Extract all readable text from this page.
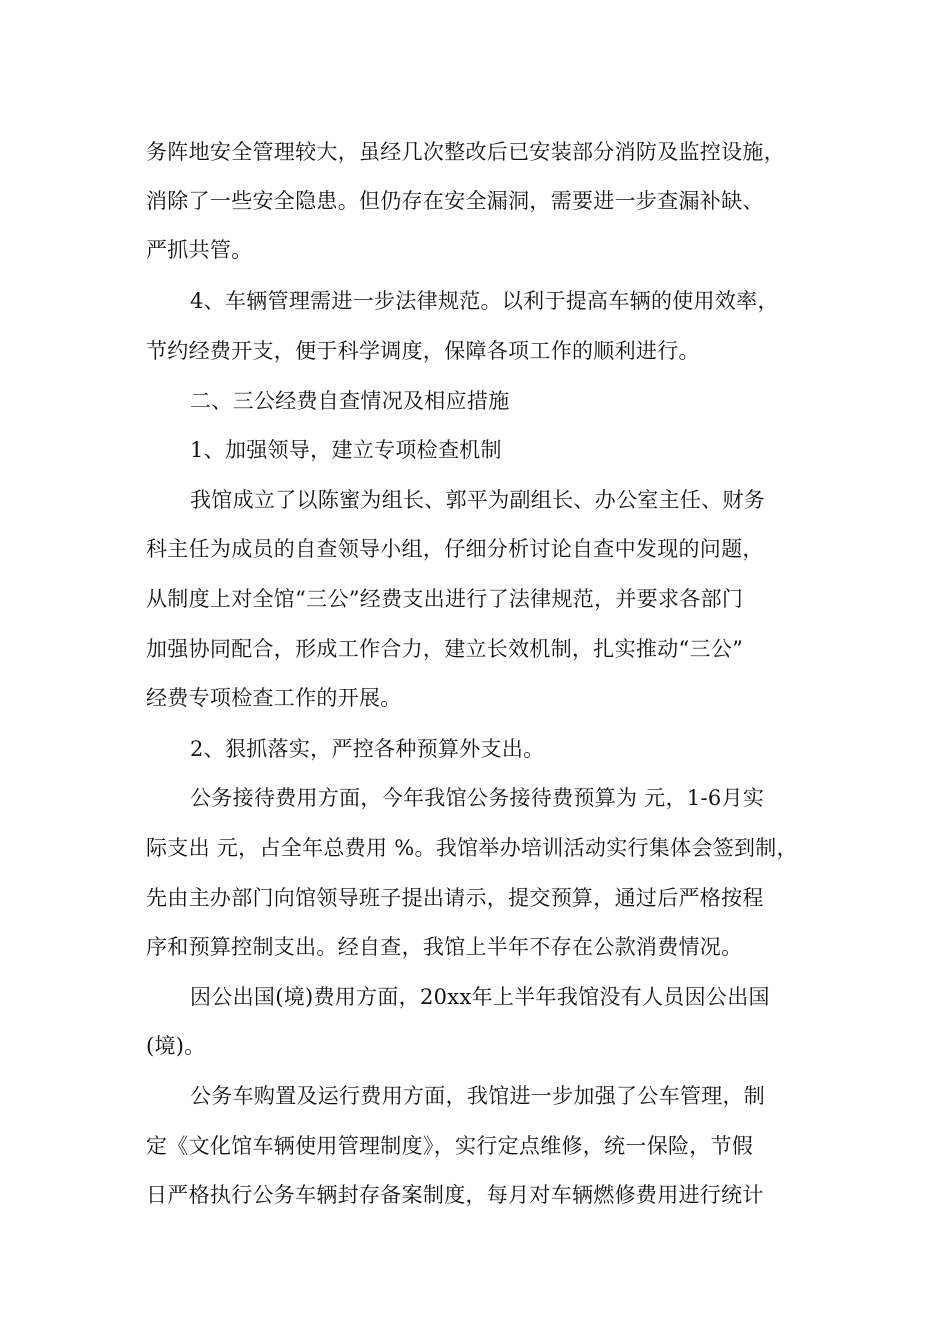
务阵地安全管理较大，虽经几次整改后已安装部分消防及监控设施，
消除了一些安全隐患。但仍存在安全漏洞，需要进一步查漏补缺、
严抓共管。
4、车辆管理需进一步法律规范。以利于提高车辆的使用效率，
节约经费开支，便于科学调度，保障各项工作的顺利进行。
二、三公经费自查情况及相应措施
1、加强领导，建立专项检查机制
我馆成立了以陈蜜为组长、郭平为副组长、办公室主任、财务
科主任为成员的自查领导小组，仔细分析讨论自查中发现的问题，
从制度上对全馆“三公”经费支出进行了法律规范，并要求各部门
加强协同配合，形成工作合力，建立长效机制，扎实推动“三公”
经费专项检查工作的开展。
2、狠抓落实，严控各种预算外支出。
公务接待费用方面，今年我馆公务接待费预算为 元，1-6月实
际支出 元，占全年总费用 %。我馆举办培训活动实行集体会签到制，
先由主办部门向馆领导班子提出请示，提交预算，通过后严格按程
序和预算控制支出。经自查，我馆上半年不存在公款消费情况。
因公出国(境)费用方面，20xx年上半年我馆没有人员因公出国
(境)。
公务车购置及运行费用方面，我馆进一步加强了公车管理，制
定《文化馆车辆使用管理制度》，实行定点维修，统一保险，节假
日严格执行公务车辆封存备案制度，每月对车辆燃修费用进行统计
